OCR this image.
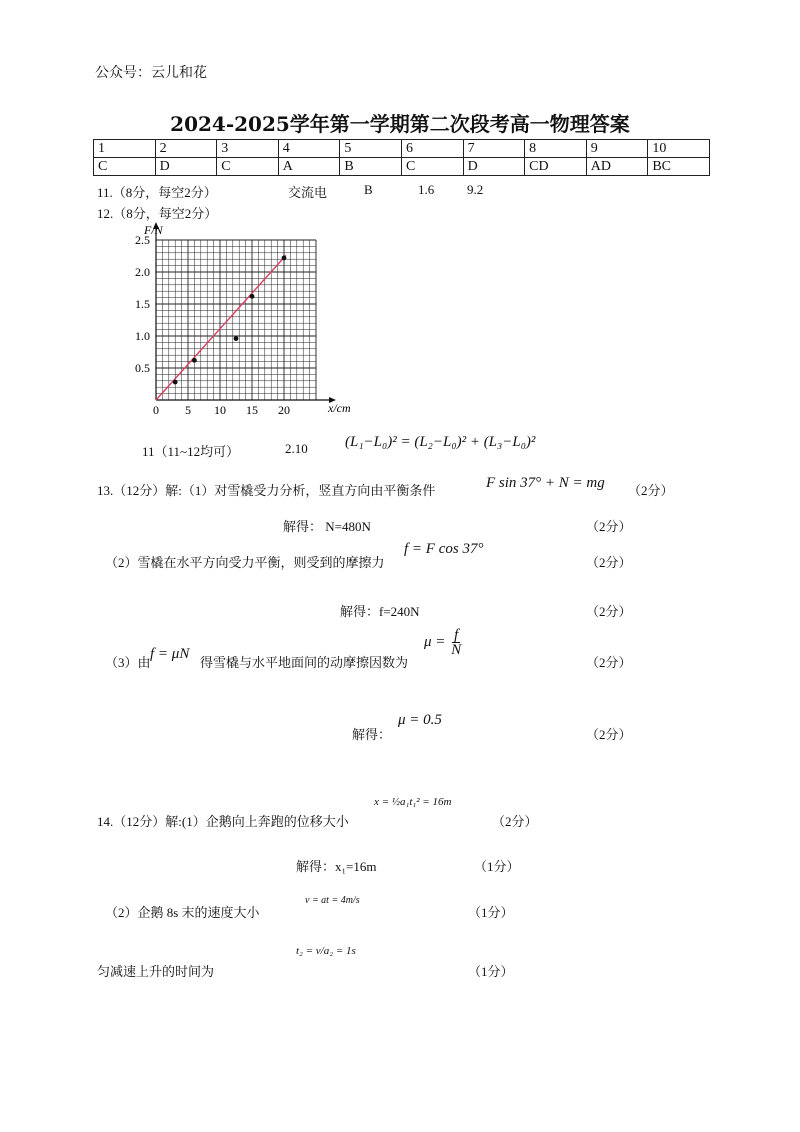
公众号：云儿和花
2024-2025学年第一学期第二次段考高一物理答案
1	2	3	4	5	6	7	8	9	10
C	D	C	A	B	C	D	CD	AD	BC
11.（8分，每空2分）	交流电	B	1.6	9.2
12.（8分，每空2分）
0 5 10 15 20
0.5
1.0
1.5
2.0
2.5
F/N
x/cm
11（11~12均可）	2.10 (L₁−L₀)² = (L₂−L₀)² + (L₃−L₀)²
13.（12分）解:（1）对雪橇受力分析，竖直方向由平衡条件	F sin 37° + N = mg （2分）
解得： N=480N	（2分）
（2）雪橇在水平方向受力平衡，则受到的摩擦力
f = F cos 37°
（2分）
解得：f=240N	（2分）
（3）由
f = μN
得雪橇与水平地面间的动摩擦因数为
$\mu = \frac{f}{N}$
（2分）
解得：
μ = 0.5
（2分）
14.（12分）解:(1）企鹅向上奔跑的位移大小
x = ½a₁t₁² = 16m
（2分）
解得：x₁=16m	（1分）
（2）企鹅 8s 末的速度大小
v = at = 4m/s
（1分）
匀减速上升的时间为
t₂ = v/a₂ = 1s
（1分）
